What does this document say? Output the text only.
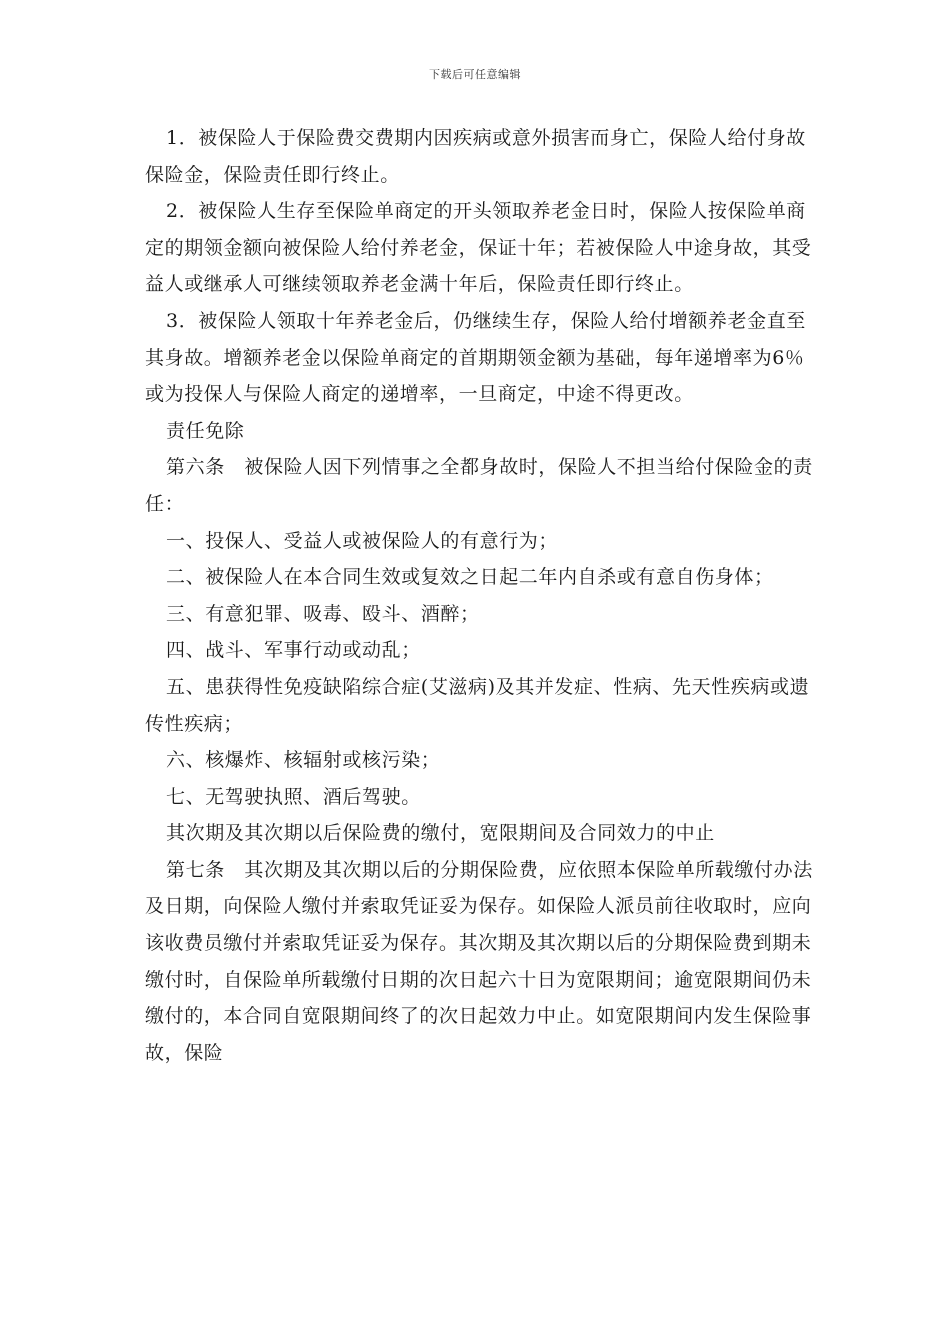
下载后可任意编辑

1．被保险人于保险费交费期内因疾病或意外损害而身亡，保险人给付身故保险金，保险责任即行终止。

2．被保险人生存至保险单商定的开头领取养老金日时，保险人按保险单商定的期领金额向被保险人给付养老金，保证十年；若被保险人中途身故，其受益人或继承人可继续领取养老金满十年后，保险责任即行终止。

3．被保险人领取十年养老金后，仍继续生存，保险人给付增额养老金直至其身故。增额养老金以保险单商定的首期期领金额为基础，每年递增率为6％或为投保人与保险人商定的递增率，一旦商定，中途不得更改。

责任免除

第六条　被保险人因下列情事之全都身故时，保险人不担当给付保险金的责任：

一、投保人、受益人或被保险人的有意行为；

二、被保险人在本合同生效或复效之日起二年内自杀或有意自伤身体；

三、有意犯罪、吸毒、殴斗、酒醉；

四、战斗、军事行动或动乱；

五、患获得性免疫缺陷综合症(艾滋病)及其并发症、性病、先天性疾病或遗传性疾病；

六、核爆炸、核辐射或核污染；

七、无驾驶执照、酒后驾驶。

其次期及其次期以后保险费的缴付，宽限期间及合同效力的中止

第七条　其次期及其次期以后的分期保险费，应依照本保险单所载缴付办法及日期，向保险人缴付并索取凭证妥为保存。如保险人派员前往收取时，应向该收费员缴付并索取凭证妥为保存。其次期及其次期以后的分期保险费到期未缴付时，自保险单所载缴付日期的次日起六十日为宽限期间；逾宽限期间仍未缴付的，本合同自宽限期间终了的次日起效力中止。如宽限期间内发生保险事故，保险
